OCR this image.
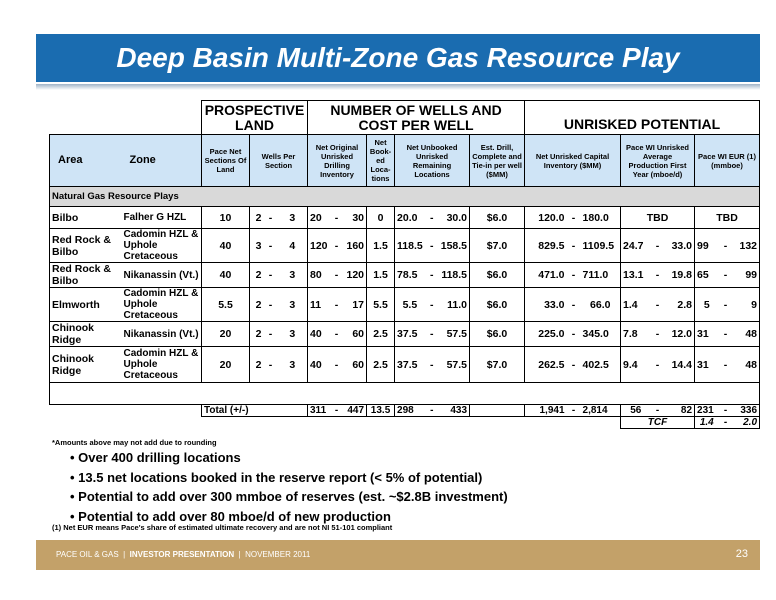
Deep Basin Multi-Zone Gas Resource Play
		PROSPECTIVE LAND				NUMBER OF WELLS AND COST PER WELL								UNRISKED POTENTIAL								
Area	Zone	Pace Net Sections Of Land	Wells Per Section			Net Original Unrisked Drilling Inventory			Net Book-ed Loca-tions	Net Unbooked Unrisked Remaining Locations			Est. Drill, Complete and Tie-in per well ($MM)	Net Unrisked Capital Inventory ($MM)			Pace WI Unrisked Average Production First Year (mboe/d)			Pace WI EUR (1) (mmboe)		
Natural Gas Resource Plays																						
Bilbo	Falher G HZL	10	2	-	3	20	-	30	0	20.0	-	30.0	$6.0	120.0	-	180.0	TBD			TBD		
Red Rock & Bilbo	Cadomin HZL & Uphole Cretaceous	40	3	-	4	120	-	160	1.5	118.5	-	158.5	$7.0	829.5	-	1109.5	24.7	-	33.0	99	-	132
Red Rock & Bilbo	Nikanassin (Vt.)	40	2	-	3	80	-	120	1.5	78.5	-	118.5	$6.0	471.0	-	711.0	13.1	-	19.8	65	-	99
Elmworth	Cadomin HZL & Uphole Cretaceous	5.5	2	-	3	11	-	17	5.5	5.5	-	11.0	$6.0	33.0	-	66.0	1.4	-	2.8	5	-	9
Chinook Ridge	Nikanassin (Vt.)	20	2	-	3	40	-	60	2.5	37.5	-	57.5	$6.0	225.0	-	345.0	7.8	-	12.0	31	-	48
Chinook Ridge	Cadomin HZL & Uphole Cretaceous	20	2	-	3	40	-	60	2.5	37.5	-	57.5	$7.0	262.5	-	402.5	9.4	-	14.4	31	-	48

		Total (+/-)				311	-	447	13.5	298	-	433		1,941	-	2,814	56	-	82	231	-	336
																	TCF			1.4	-	2.0
*Amounts above may not add due to rounding
• Over 400 drilling locations
• 13.5 net locations booked in the reserve report (< 5% of potential)
• Potential to add over 300 mmboe of reserves (est. ~$2.8B investment)
• Potential to add over 80 mboe/d of new production
(1) Net EUR means Pace's share of estimated ultimate recovery and are not NI 51-101 compliant
PACE OIL & GAS  |  INVESTOR PRESENTATION  |  NOVEMBER 2011	23
